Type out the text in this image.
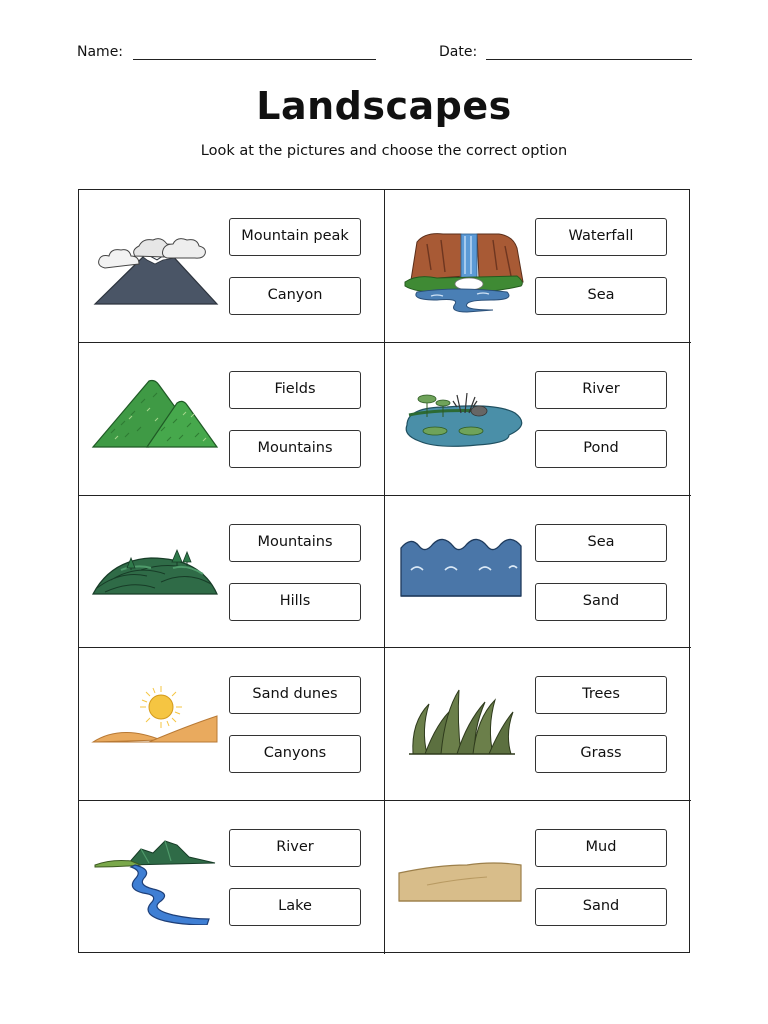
Name:	Date:
Landscapes
Look at the pictures and choose the correct option
Mountain peak
Canyon
Waterfall
Sea
Fields
Mountains
River
Pond
Mountains
Hills
Sea
Sand
Sand dunes
Canyons
Trees
Grass
River
Lake
Mud
Sand
